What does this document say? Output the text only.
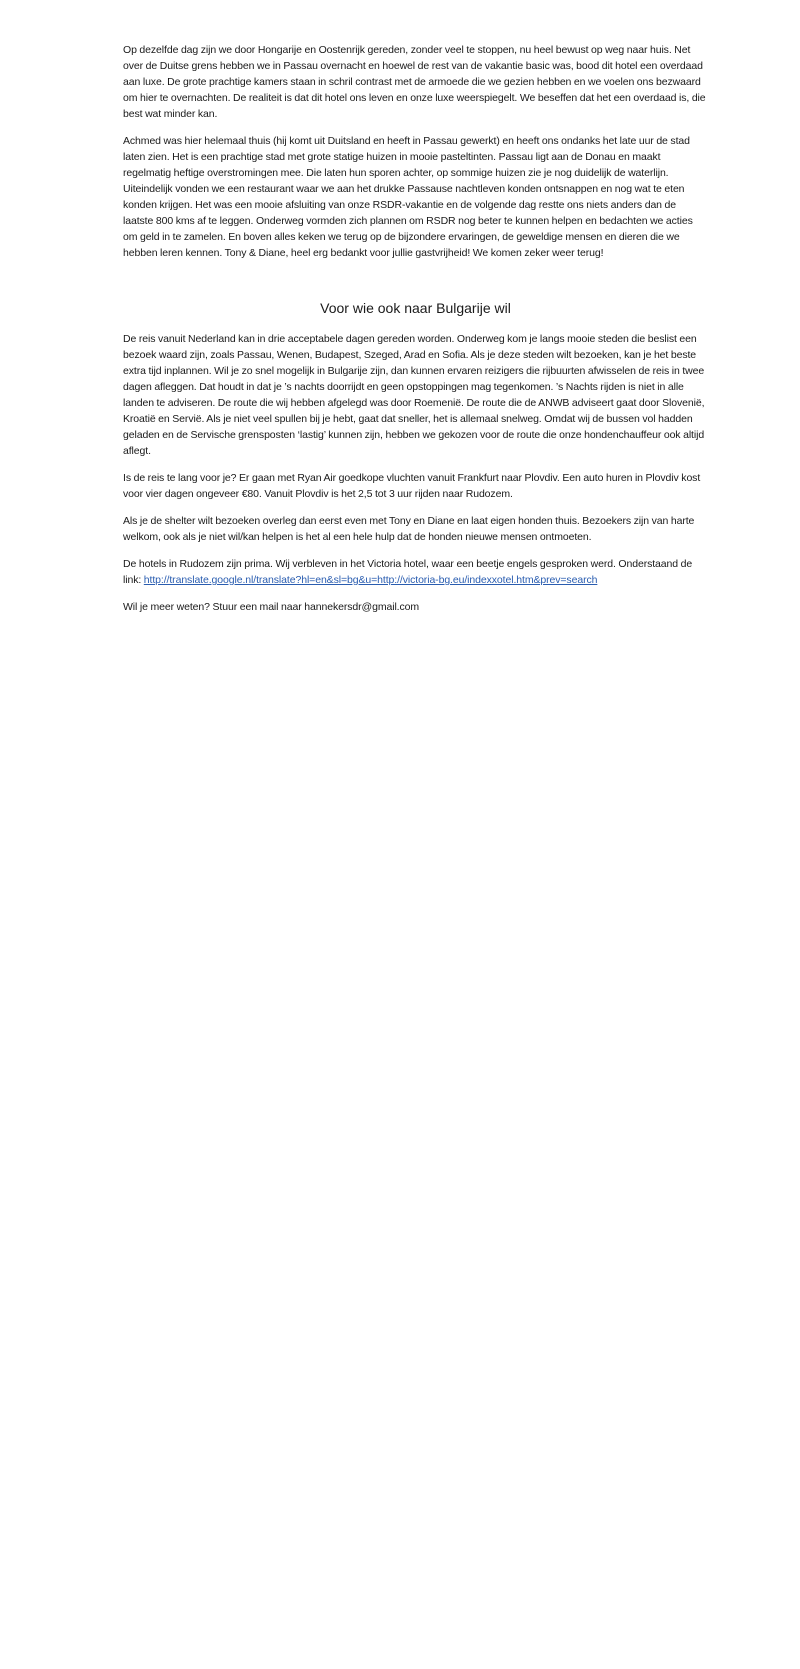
Op dezelfde dag zijn we door Hongarije en Oostenrijk gereden, zonder veel te stoppen, nu heel bewust op weg naar huis. Net over de Duitse grens hebben we in Passau overnacht en hoewel de rest van de vakantie basic was, bood dit hotel een overdaad aan luxe. De grote prachtige kamers staan in schril contrast met de armoede die we gezien hebben en we voelen ons bezwaard om hier te overnachten. De realiteit is dat dit hotel ons leven en onze luxe weerspiegelt. We beseffen dat het een overdaad is, die best wat minder kan.

Achmed was hier helemaal thuis (hij komt uit Duitsland en heeft in Passau gewerkt) en heeft ons ondanks het late uur de stad laten zien. Het is een prachtige stad met grote statige huizen in mooie pasteltinten. Passau ligt aan de Donau en maakt regelmatig heftige overstromingen mee. Die laten hun sporen achter, op sommige huizen zie je nog duidelijk de waterlijn. Uiteindelijk vonden we een restaurant waar we aan het drukke Passause nachtleven konden ontsnappen en nog wat te eten konden krijgen. Het was een mooie afsluiting van onze RSDR-vakantie en de volgende dag restte ons niets anders dan de laatste 800 kms af te leggen. Onderweg vormden zich plannen om RSDR nog beter te kunnen helpen en bedachten we acties om geld in te zamelen. En boven alles keken we terug op de bijzondere ervaringen, de geweldige mensen en dieren die we hebben leren kennen. Tony & Diane, heel erg bedankt voor jullie gastvrijheid! We komen zeker weer terug!

Voor wie ook naar Bulgarije wil

De reis vanuit Nederland kan in drie acceptabele dagen gereden worden. Onderweg kom je langs mooie steden die beslist een bezoek waard zijn, zoals Passau, Wenen, Budapest, Szeged, Arad en Sofia. Als je deze steden wilt bezoeken, kan je het beste extra tijd inplannen. Wil je zo snel mogelijk in Bulgarije zijn, dan kunnen ervaren reizigers die rijbuurten afwisselen de reis in twee dagen afleggen. Dat houdt in dat je ’s nachts doorrijdt en geen opstoppingen mag tegenkomen. ’s Nachts rijden is niet in alle landen te adviseren. De route die wij hebben afgelegd was door Roemenië. De route die de ANWB adviseert gaat door Slovenië, Kroatië en Servië. Als je niet veel spullen bij je hebt, gaat dat sneller, het is allemaal snelweg. Omdat wij de bussen vol hadden geladen en de Servische grensposten ‘lastig’ kunnen zijn, hebben we gekozen voor de route die onze hondenchauffeur ook altijd aflegt.

Is de reis te lang voor je? Er gaan met Ryan Air goedkope vluchten vanuit Frankfurt naar Plovdiv. Een auto huren in Plovdiv kost voor vier dagen ongeveer €80. Vanuit Plovdiv is het 2,5 tot 3 uur rijden naar Rudozem.

Als je de shelter wilt bezoeken overleg dan eerst even met Tony en Diane en laat eigen honden thuis. Bezoekers zijn van harte welkom, ook als je niet wil/kan helpen is het al een hele hulp dat de honden nieuwe mensen ontmoeten.

De hotels in Rudozem zijn prima. Wij verbleven in het Victoria hotel, waar een beetje engels gesproken werd. Onderstaand de link: http://translate.google.nl/translate?hl=en&sl=bg&u=http://victoria-bg.eu/indexxotel.htm&prev=search

Wil je meer weten? Stuur een mail naar hannekersdr@gmail.com
